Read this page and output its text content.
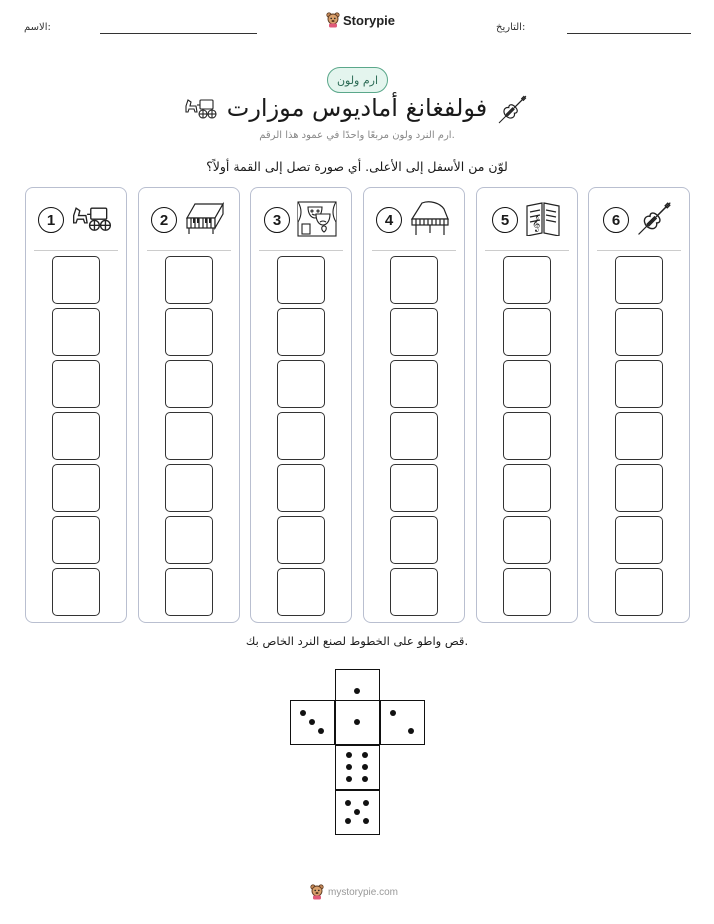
التاريخ:
الاسم:	Storypie
ارم ولون
فولفغانغ أماديوس موزارت
ارم النرد ولون مربعًا واحدًا في عمود هذا الرقم.
لوّن من الأسفل إلى الأعلى. أي صورة تصل إلى القمة أولاً؟
6
5	𝄞
4
3
2
1
قص واطو على الخطوط لصنع النرد الخاص بك.
mystorypie.com
